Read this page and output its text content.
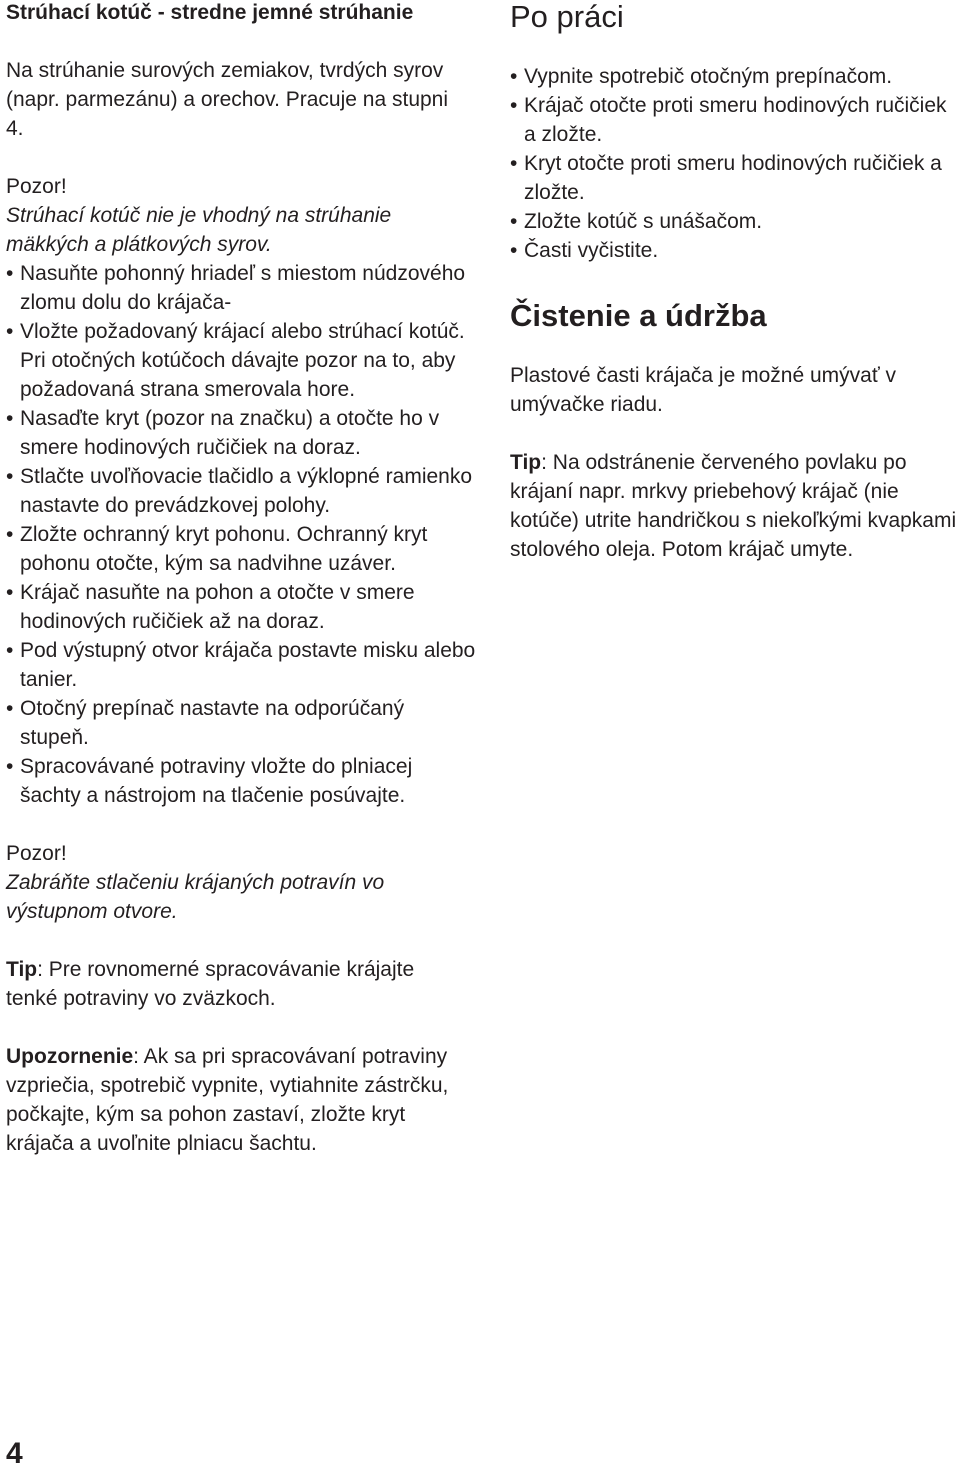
Strúhací kotúč - stredne jemné strúhanie

Na strúhanie surových zemiakov, tvrdých syrov (napr. parmezánu) a orechov. Pracuje na stupni 4.

Pozor!

Strúhací kotúč nie je vhodný na strúhanie mäkkých a plátkových syrov.

• Nasuňte pohonný hriadeľ s miestom núdzového zlomu dolu do krájača-
• Vložte požadovaný krájací alebo strúhací kotúč. Pri otočných kotúčoch dávajte pozor na to, aby požadovaná strana smerovala hore.
• Nasaďte kryt (pozor na značku) a otočte ho v smere hodinových ručičiek na doraz.
• Stlačte uvoľňovacie tlačidlo a výklopné ramienko nastavte do prevádzkovej polohy.
• Zložte ochranný kryt pohonu. Ochranný kryt pohonu otočte, kým sa nadvihne uzáver.
• Krájač nasuňte na pohon a otočte v smere hodinových ručičiek až na doraz.
• Pod výstupný otvor krájača postavte misku alebo tanier.
• Otočný prepínač nastavte na odporúčaný stupeň.
• Spracovávané potraviny vložte do plniacej šachty a nástrojom na tlačenie posúvajte.

Pozor!

Zabráňte stlačeniu krájaných potravín vo výstupnom otvore.

Tip: Pre rovnomerné spracovávanie krájajte tenké potraviny vo zväzkoch.

Upozornenie: Ak sa pri spracovávaní potraviny vzpriečia, spotrebič vypnite, vytiahnite zástrčku, počkajte, kým sa pohon zastaví, zložte kryt krájača a uvoľnite plniacu šachtu.

Po práci
• Vypnite spotrebič otočným prepínačom.
• Krájač otočte proti smeru hodinových ručičiek a zložte.
• Kryt otočte proti smeru hodinových ručičiek a zložte.
• Zložte kotúč s unášačom.
• Časti vyčistite.
Čistenie a údržba

Plastové časti krájača je možné umývať v umývačke riadu.

Tip: Na odstránenie červeného povlaku po krájaní napr. mrkvy priebehový krájač (nie kotúče) utrite handričkou s niekoľkými kvapkami stolového oleja. Potom krájač umyte.

4
